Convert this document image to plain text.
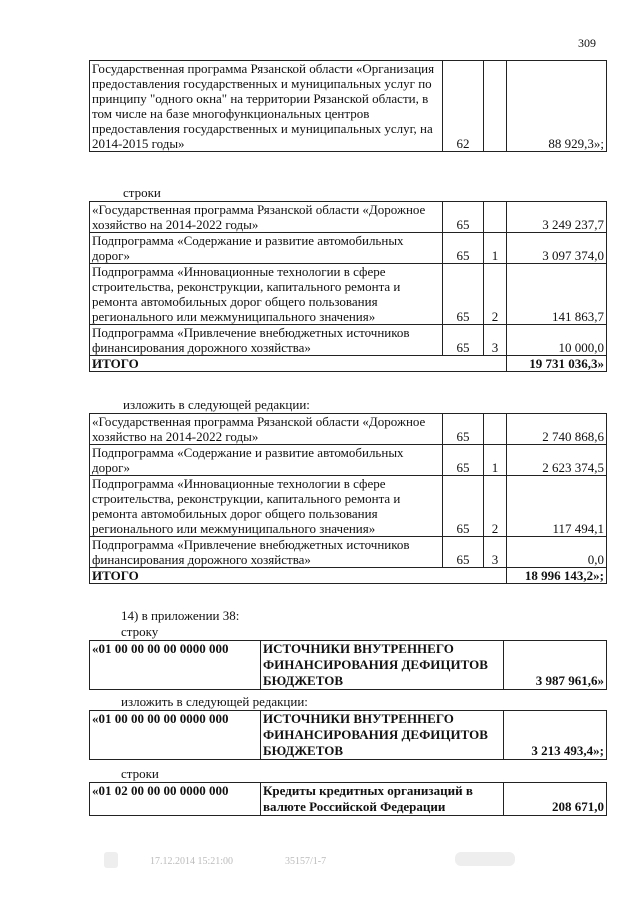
309
Государственная программа Рязанской области «Организация предоставления государственных и муниципальных услуг по принципу "одного окна" на территории Рязанской области, в том числе на базе многофункциональных центров предоставления государственных и муниципальных услуг, на 2014-2015 годы»	62		88 929,3»;
строки
«Государственная программа Рязанской области «Дорожное хозяйство на 2014-2022 годы»	65		3 249 237,7
Подпрограмма «Содержание и развитие автомобильных дорог»	65	1	3 097 374,0
Подпрограмма «Инновационные технологии в сфере строительства, реконструкции, капитального ремонта и ремонта автомобильных дорог общего пользования регионального или межмуниципального значения»	65	2	141 863,7
Подпрограмма «Привлечение внебюджетных источников финансирования дорожного хозяйства»	65	3	10 000,0
ИТОГО			19 731 036,3»
изложить в следующей редакции:
«Государственная программа Рязанской области «Дорожное хозяйство на 2014-2022 годы»	65		2 740 868,6
Подпрограмма «Содержание и развитие автомобильных дорог»	65	1	2 623 374,5
Подпрограмма «Инновационные технологии в сфере строительства, реконструкции, капитального ремонта и ремонта автомобильных дорог общего пользования регионального или межмуниципального значения»	65	2	117 494,1
Подпрограмма «Привлечение внебюджетных источников финансирования дорожного хозяйства»	65	3	0,0
ИТОГО			18 996 143,2»;
14) в приложении 38:
строку
«01 00 00 00 00 0000 000	ИСТОЧНИКИ ВНУТРЕННЕГО ФИНАНСИРОВАНИЯ ДЕФИЦИТОВ БЮДЖЕТОВ	3 987 961,6»
изложить в следующей редакции:
«01 00 00 00 00 0000 000	ИСТОЧНИКИ ВНУТРЕННЕГО ФИНАНСИРОВАНИЯ ДЕФИЦИТОВ БЮДЖЕТОВ	3 213 493,4»;
строки
«01 02 00 00 00 0000 000	Кредиты кредитных организаций в валюте Российской Федерации	208 671,0
17.12.2014 15:21:00	35157/1-7
